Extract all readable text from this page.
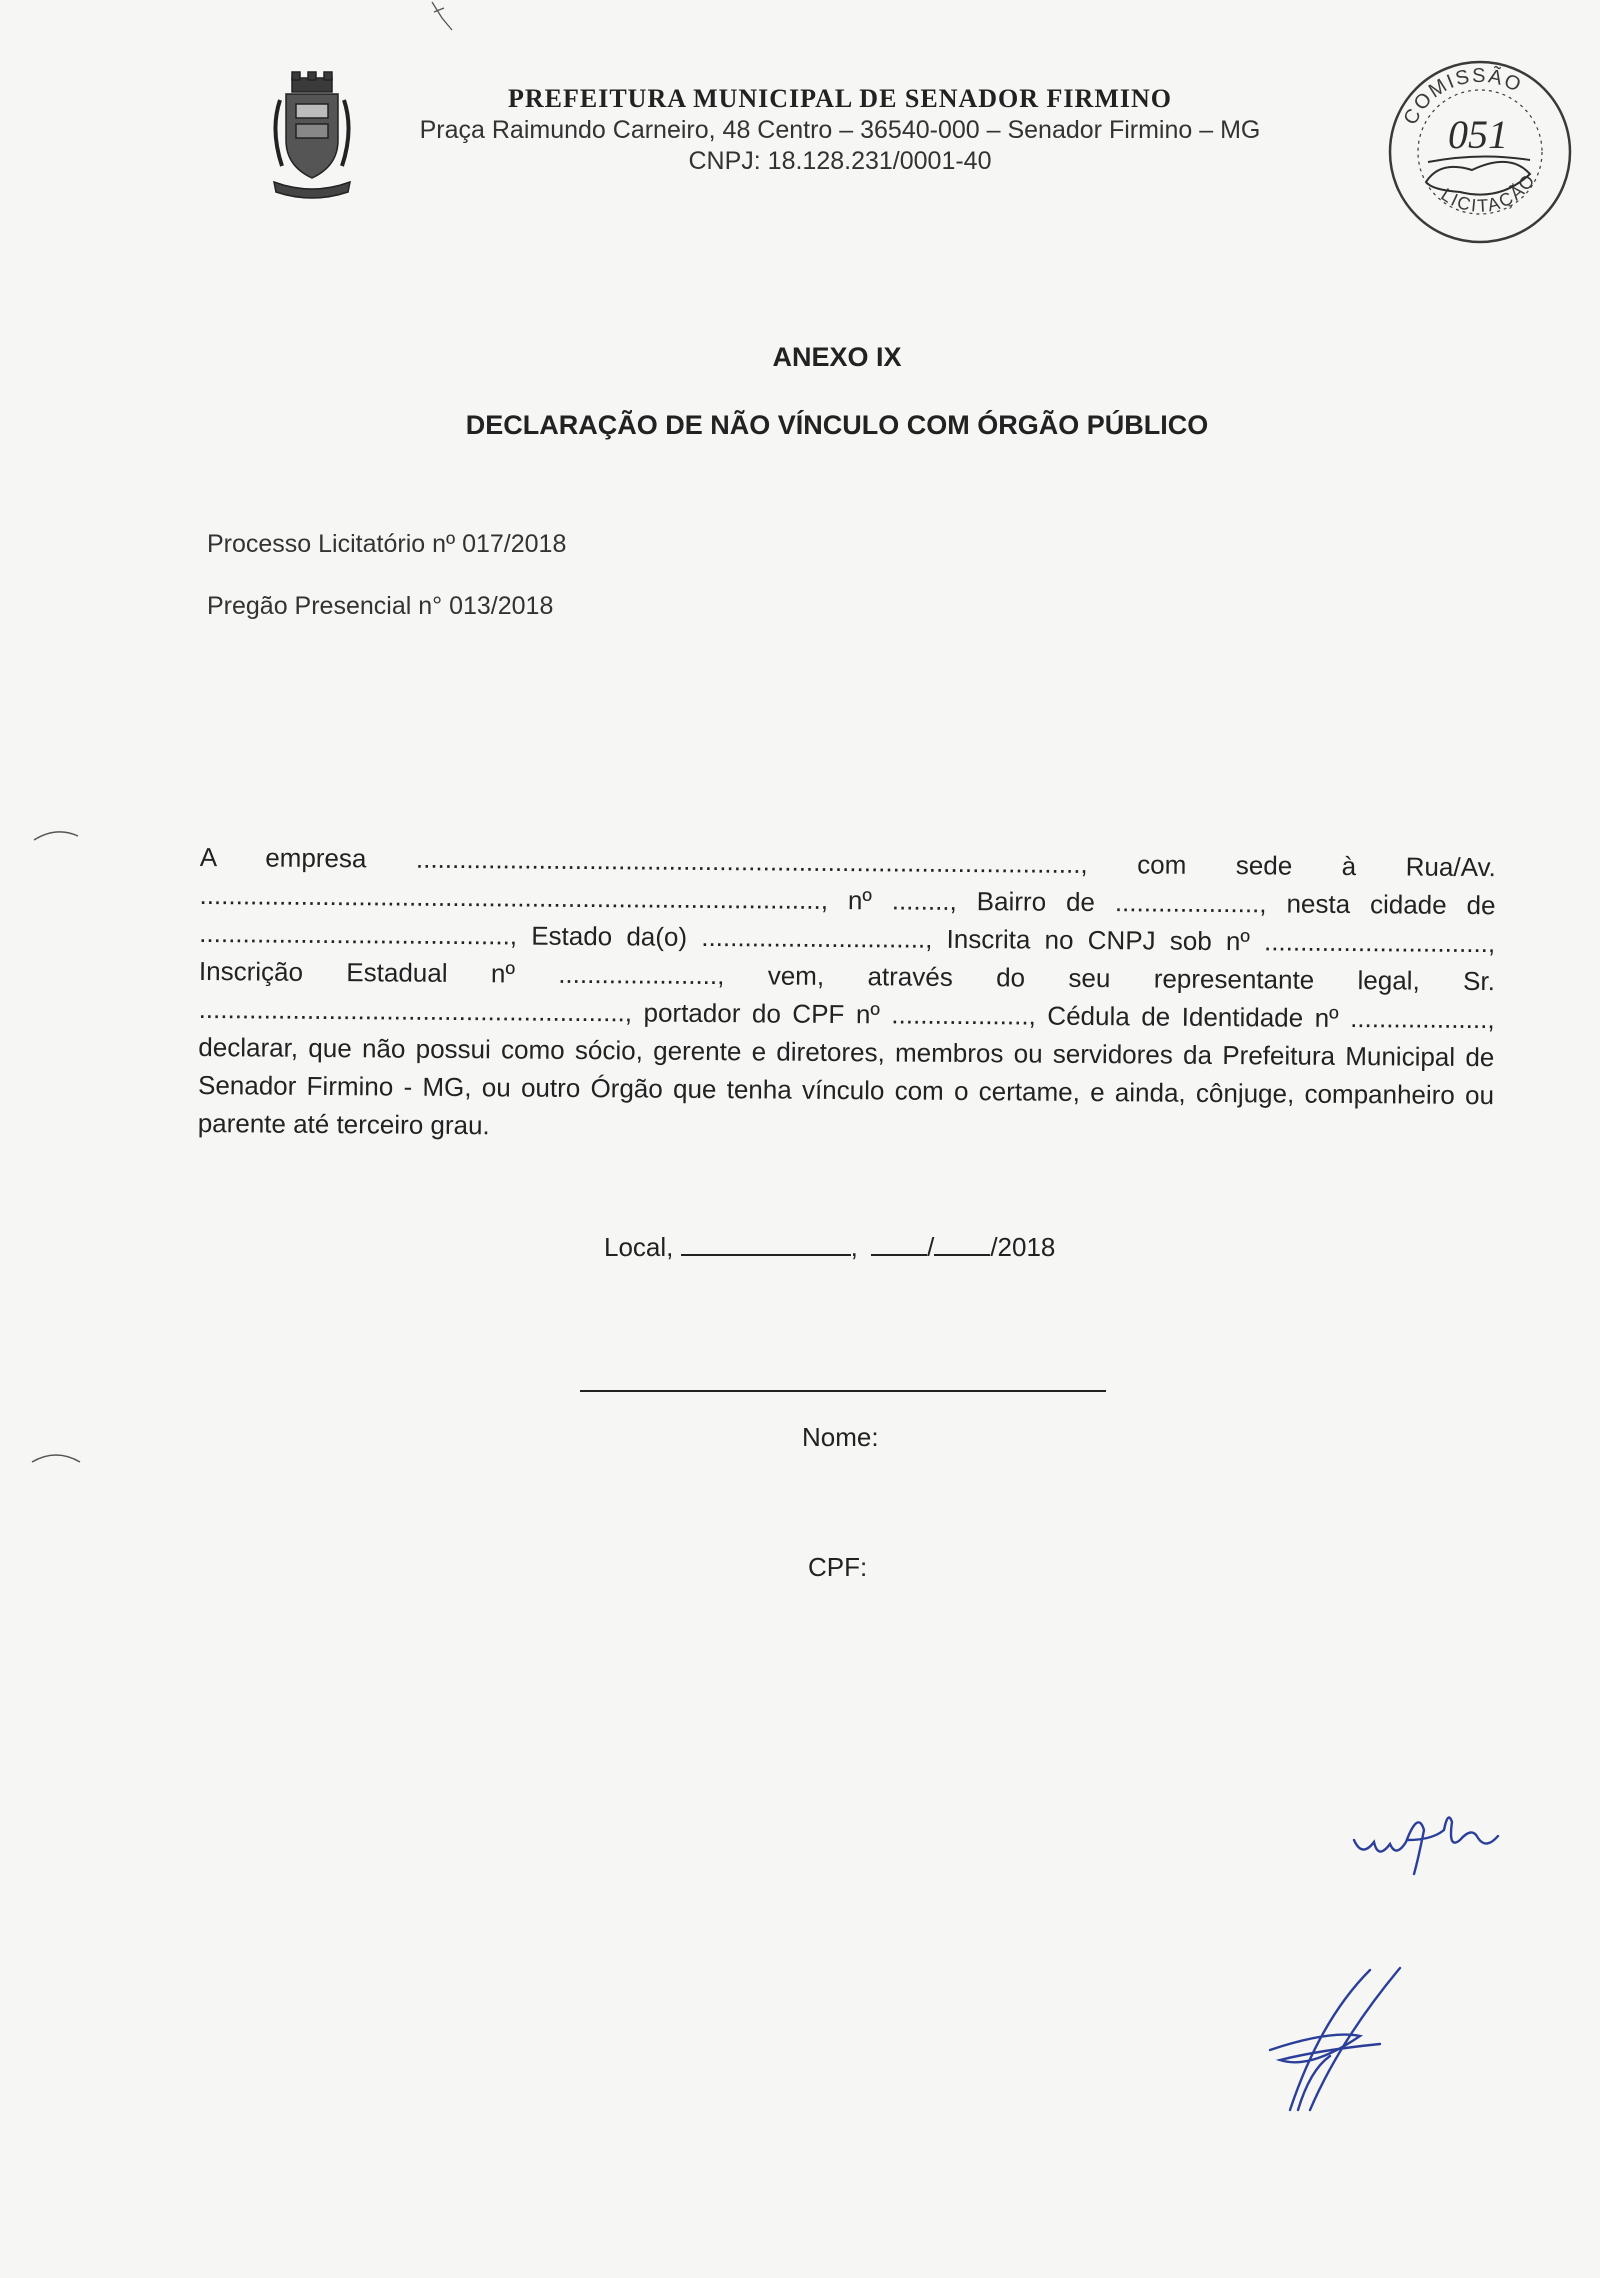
PREFEITURA MUNICIPAL DE SENADOR FIRMINO
Praça Raimundo Carneiro, 48 Centro – 36540-000 – Senador Firmino – MG
CNPJ: 18.128.231/0001-40
COMISSÃO
LICITAÇÃO
051
ANEXO IX
DECLARAÇÃO DE NÃO VÍNCULO COM ÓRGÃO PÚBLICO
Processo Licitatório nº 017/2018
Pregão Presencial n° 013/2018
A empresa ............................................................................................, com sede à Rua/Av. ......................................................................................, nº ........, Bairro de ...................., nesta cidade de ..........................................., Estado da(o) ..............................., Inscrita no CNPJ sob nº ..............................., Inscrição Estadual nº ......................, vem, através do seu representante legal, Sr. ..........................................................., portador do CPF nº ..................., Cédula de Identidade nº ..................., declarar, que não possui como sócio, gerente e diretores, membros ou servidores da Prefeitura Municipal de Senador Firmino - MG, ou outro Órgão que tenha vínculo com o certame, e ainda, cônjuge, companheiro ou parente até terceiro grau.
Local,	,	/ /2018
Nome:
CPF:
